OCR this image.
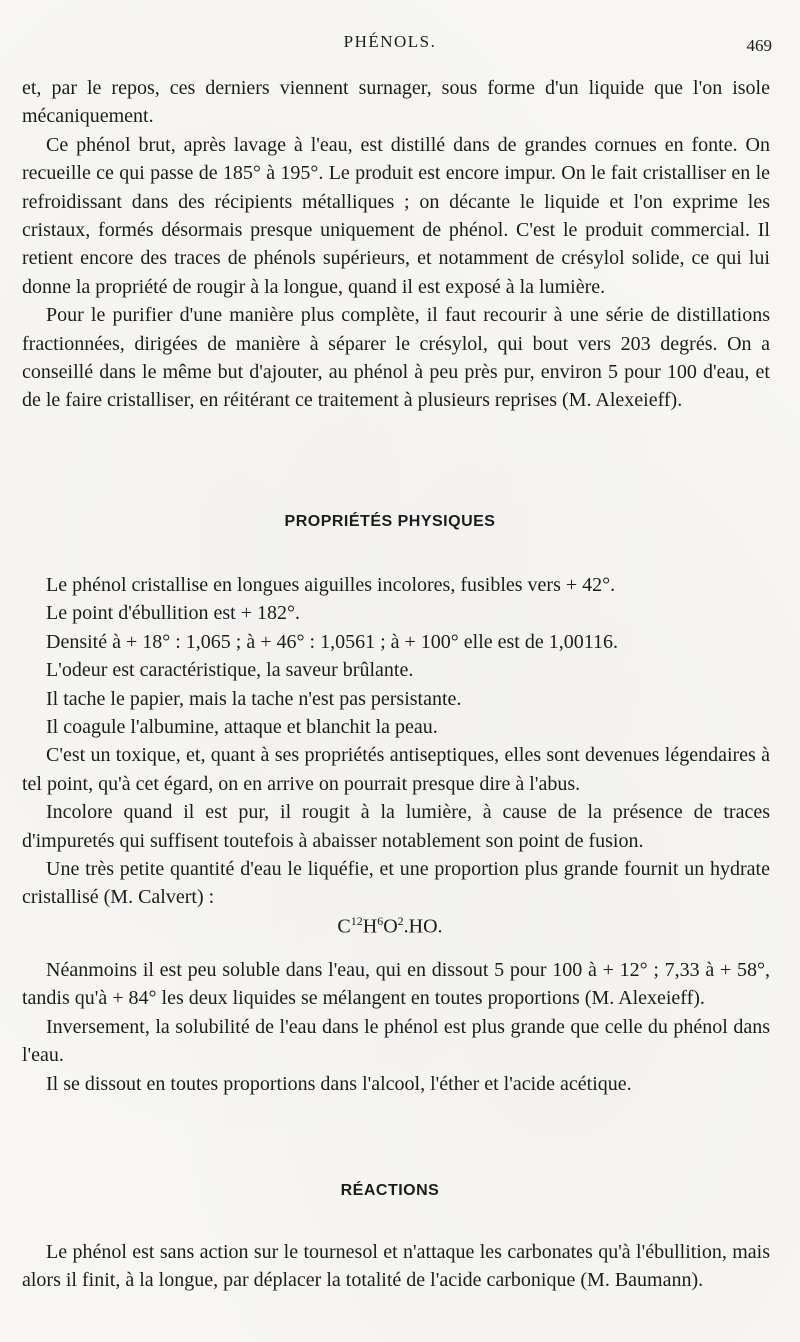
PHÉNOLS.	469

et, par le repos, ces derniers viennent surnager, sous forme d'un liquide que l'on isole mécaniquement.

Ce phénol brut, après lavage à l'eau, est distillé dans de grandes cornues en fonte. On recueille ce qui passe de 185° à 195°. Le produit est encore impur. On le fait cristalliser en le refroidissant dans des récipients métalliques ; on décante le liquide et l'on exprime les cristaux, formés désormais presque uniquement de phénol. C'est le produit commercial. Il retient encore des traces de phénols supérieurs, et notamment de crésylol solide, ce qui lui donne la propriété de rougir à la longue, quand il est exposé à la lumière.

Pour le purifier d'une manière plus complète, il faut recourir à une série de distillations fractionnées, dirigées de manière à séparer le crésylol, qui bout vers 203 degrés. On a conseillé dans le même but d'ajouter, au phénol à peu près pur, environ 5 pour 100 d'eau, et de le faire cristalliser, en réitérant ce traitement à plusieurs reprises (M. Alexeieff).

PROPRIÉTÉS PHYSIQUES

Le phénol cristallise en longues aiguilles incolores, fusibles vers + 42°.

Le point d'ébullition est + 182°.

Densité à + 18° : 1,065 ; à + 46° : 1,0561 ; à + 100° elle est de 1,00116.

L'odeur est caractéristique, la saveur brûlante.

Il tache le papier, mais la tache n'est pas persistante.

Il coagule l'albumine, attaque et blanchit la peau.

C'est un toxique, et, quant à ses propriétés antiseptiques, elles sont devenues légendaires à tel point, qu'à cet égard, on en arrive on pourrait presque dire à l'abus.

Incolore quand il est pur, il rougit à la lumière, à cause de la présence de traces d'impuretés qui suffisent toutefois à abaisser notablement son point de fusion.

Une très petite quantité d'eau le liquéfie, et une proportion plus grande fournit un hydrate cristallisé (M. Calvert) :

$C^{12}H^6O^2.HO$.

Néanmoins il est peu soluble dans l'eau, qui en dissout 5 pour 100 à + 12° ; 7,33 à + 58°, tandis qu'à + 84° les deux liquides se mélangent en toutes proportions (M. Alexeieff).

Inversement, la solubilité de l'eau dans le phénol est plus grande que celle du phénol dans l'eau.

Il se dissout en toutes proportions dans l'alcool, l'éther et l'acide acétique.

RÉACTIONS

Le phénol est sans action sur le tournesol et n'attaque les carbonates qu'à l'ébullition, mais alors il finit, à la longue, par déplacer la totalité de l'acide carbonique (M. Baumann).
